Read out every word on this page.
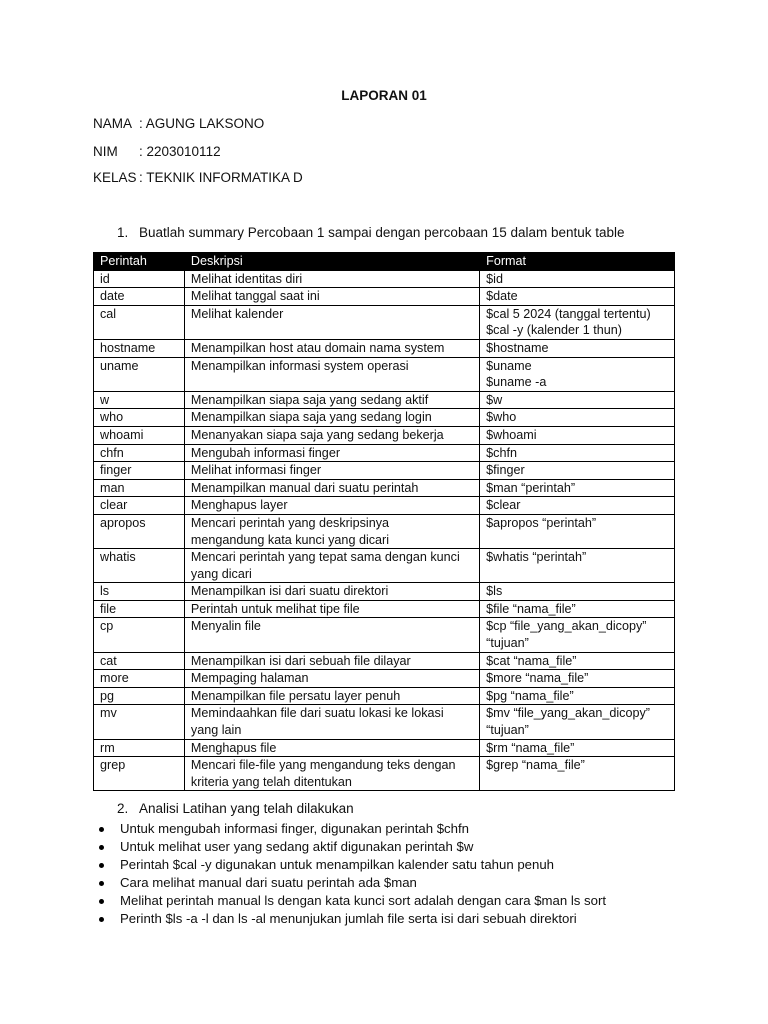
LAPORAN 01
NAMA : AGUNG LAKSONO
NIM : 2203010112
KELAS : TEKNIK INFORMATIKA D
1. Buatlah summary Percobaan 1 sampai dengan percobaan 15 dalam bentuk table
Perintah	Deskripsi	Format
id	Melihat identitas diri	$id
date	Melihat tanggal saat ini	$date
cal	Melihat kalender	$cal 5 2024 (tanggal tertentu)
$cal -y (kalender 1 thun)
hostname	Menampilkan host atau domain nama system	$hostname
uname	Menampilkan informasi system operasi	$uname
$uname -a
w	Menampilkan siapa saja yang sedang aktif	$w
who	Menampilkan siapa saja yang sedang login	$who
whoami	Menanyakan siapa saja yang sedang bekerja	$whoami
chfn	Mengubah informasi finger	$chfn
finger	Melihat informasi finger	$finger
man	Menampilkan manual dari suatu perintah	$man “perintah”
clear	Menghapus layer	$clear
apropos	Mencari perintah yang deskripsinya
mengandung kata kunci yang dicari	$apropos “perintah”
whatis	Mencari perintah yang tepat sama dengan kunci
yang dicari	$whatis “perintah”
ls	Menampilkan isi dari suatu direktori	$ls
file	Perintah untuk melihat tipe file	$file “nama_file”
cp	Menyalin file	$cp “file_yang_akan_dicopy”
“tujuan”
cat	Menampilkan isi dari sebuah file dilayar	$cat “nama_file”
more	Mempaging halaman	$more “nama_file”
pg	Menampilkan file persatu layer penuh	$pg “nama_file”
mv	Memindaahkan file dari suatu lokasi ke lokasi
yang lain	$mv “file_yang_akan_dicopy”
“tujuan”
rm	Menghapus file	$rm “nama_file”
grep	Mencari file-file yang mengandung teks dengan
kriteria yang telah ditentukan	$grep “nama_file”
2. Analisi Latihan yang telah dilakukan
Untuk mengubah informasi finger, digunakan perintah $chfn
Untuk melihat user yang sedang aktif digunakan perintah $w
Perintah $cal -y digunakan untuk menampilkan kalender satu tahun penuh
Cara melihat manual dari suatu perintah ada $man
Melihat perintah manual ls dengan kata kunci sort adalah dengan cara $man ls sort
Perinth $ls -a -l dan ls -al menunjukan jumlah file serta isi dari sebuah direktori
